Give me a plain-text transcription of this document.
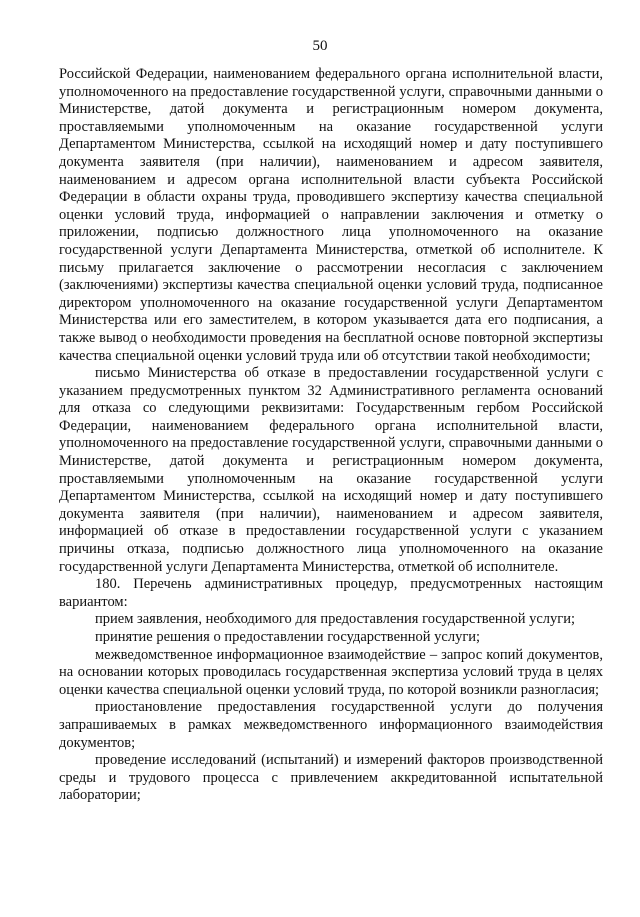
50

Российской Федерации, наименованием федерального органа исполнительной власти, уполномоченного на предоставление государственной услуги, справочными данными о Министерстве, датой документа и регистрационным номером документа, проставляемыми уполномоченным на оказание государственной услуги Департаментом Министерства, ссылкой на исходящий номер и дату поступившего документа заявителя (при наличии), наименованием и адресом заявителя, наименованием и адресом органа исполнительной власти субъекта Российской Федерации в области охраны труда, проводившего экспертизу качества специальной оценки условий труда, информацией о направлении заключения и отметку о приложении, подписью должностного лица уполномоченного на оказание государственной услуги Департамента Министерства, отметкой об исполнителе. К письму прилагается заключение о рассмотрении несогласия с заключением (заключениями) экспертизы качества специальной оценки условий труда, подписанное директором уполномоченного на оказание государственной услуги Департаментом Министерства или его заместителем, в котором указывается дата его подписания, а также вывод о необходимости проведения на бесплатной основе повторной экспертизы качества специальной оценки условий труда или об отсутствии такой необходимости;

письмо Министерства об отказе в предоставлении государственной услуги с указанием предусмотренных пунктом 32 Административного регламента оснований для отказа со следующими реквизитами: Государственным гербом Российской Федерации, наименованием федерального органа исполнительной власти, уполномоченного на предоставление государственной услуги, справочными данными о Министерстве, датой документа и регистрационным номером документа, проставляемыми уполномоченным на оказание государственной услуги Департаментом Министерства, ссылкой на исходящий номер и дату поступившего документа заявителя (при наличии), наименованием и адресом заявителя, информацией об отказе в предоставлении государственной услуги с указанием причины отказа, подписью должностного лица уполномоченного на оказание государственной услуги Департамента Министерства, отметкой об исполнителе.

180. Перечень административных процедур, предусмотренных настоящим вариантом:

прием заявления, необходимого для предоставления государственной услуги;

принятие решения о предоставлении государственной услуги;

межведомственное информационное взаимодействие – запрос копий документов, на основании которых проводилась государственная экспертиза условий труда в целях оценки качества специальной оценки условий труда, по которой возникли разногласия;

приостановление предоставления государственной услуги до получения запрашиваемых в рамках межведомственного информационного взаимодействия документов;

проведение исследований (испытаний) и измерений факторов производственной среды и трудового процесса с привлечением аккредитованной испытательной лаборатории;
